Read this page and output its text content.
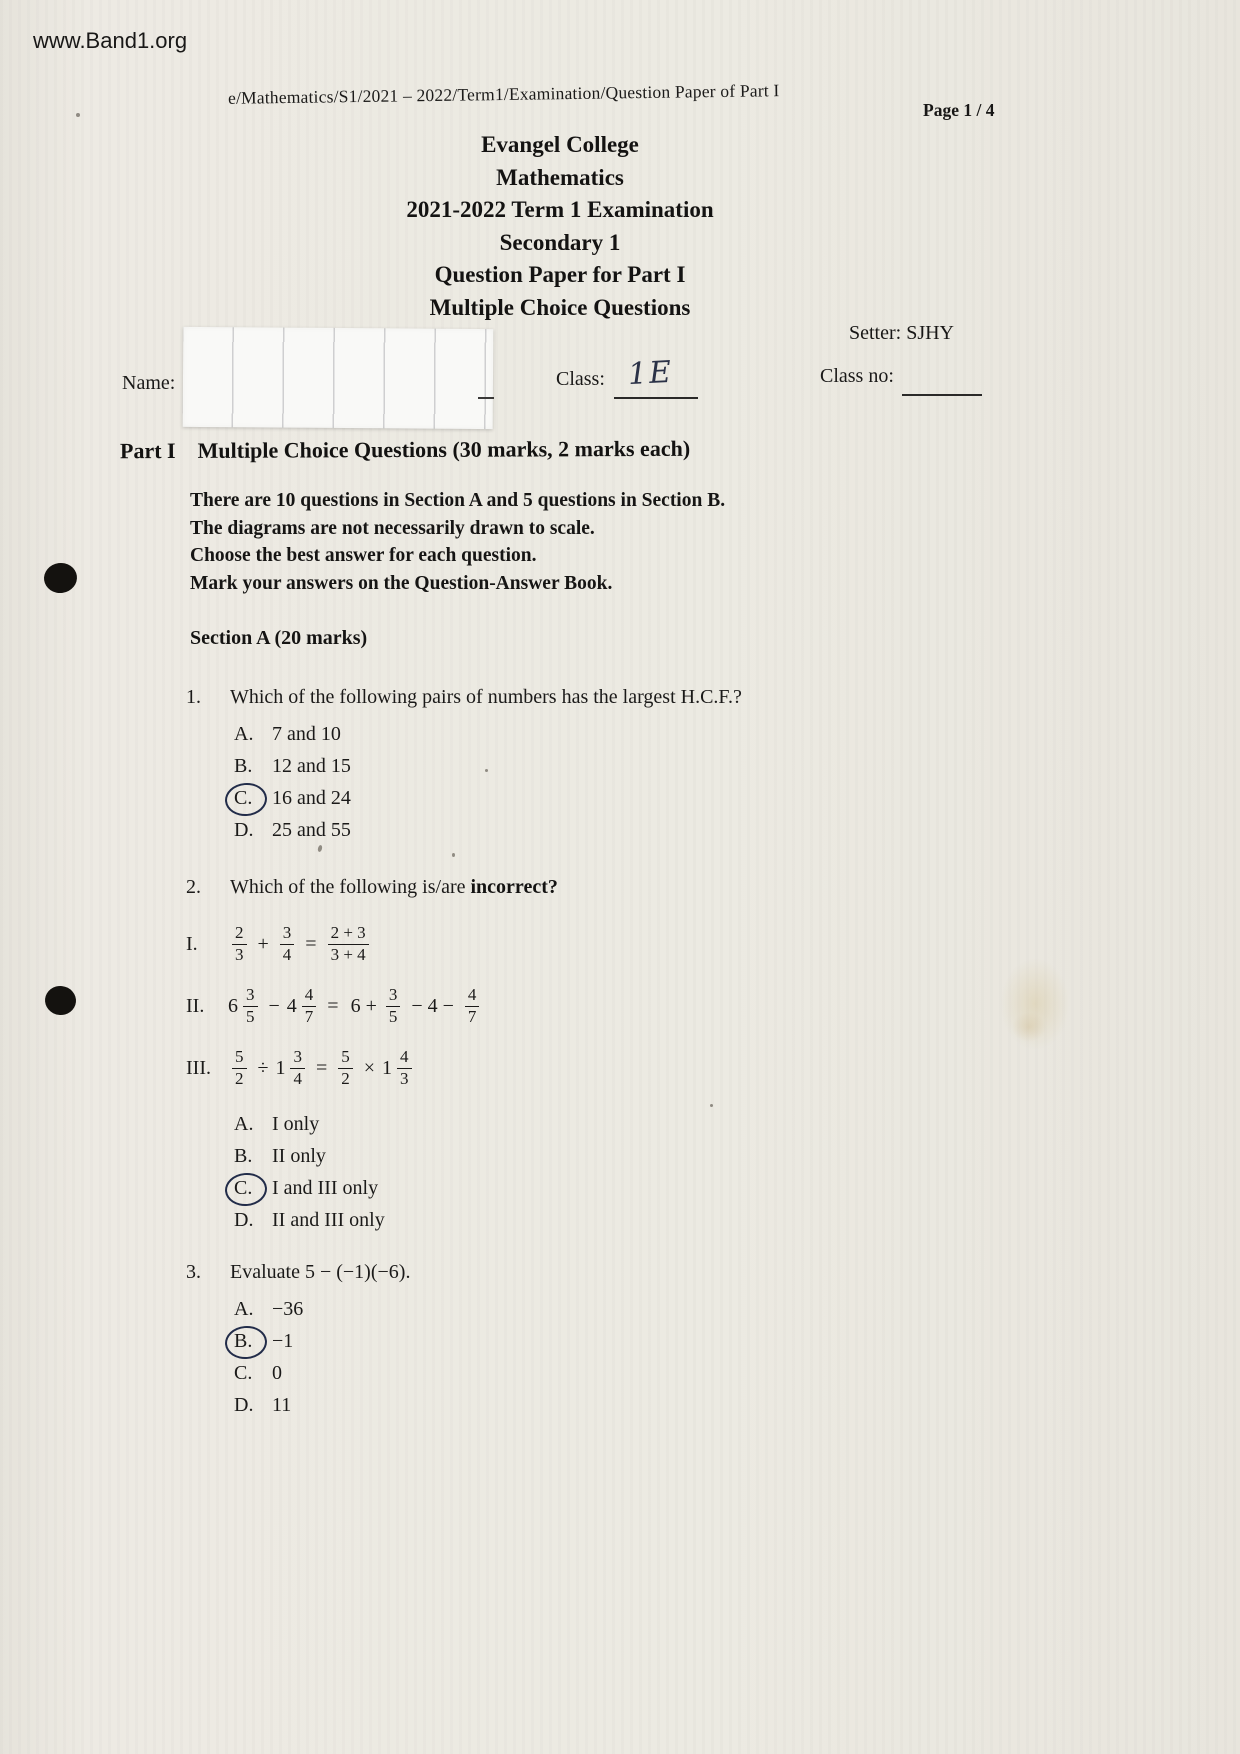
www.Band1.org
e/Mathematics/S1/2021 – 2022/Term1/Examination/Question Paper of Part I
Page 1 / 4
Evangel College
Mathematics
2021-2022 Term 1 Examination
Secondary 1
Question Paper for Part I
Multiple Choice Questions
Setter: SJHY
Name:	Class: 1E	Class no:
Part I Multiple Choice Questions (30 marks, 2 marks each)
There are 10 questions in Section A and 5 questions in Section B.
The diagrams are not necessarily drawn to scale.
Choose the best answer for each question.
Mark your answers on the Question-Answer Book.
Section A (20 marks)
1.	Which of the following pairs of numbers has the largest H.C.F.?
A. 7 and 10
B. 12 and 15
C. 16 and 24
D. 25 and 55
2.	Which of the following is/are incorrect?
I.	$\frac{2}{3} + \frac{3}{4} = \frac{2 + 3}{3 + 4}$
II.	$6 \frac{3}{5} - 4 \frac{4}{7} = 6 + \frac{3}{5} - 4 - \frac{4}{7}$
III.	$\frac{5}{2} \div 1 \frac{3}{4} = \frac{5}{2} \times 1 \frac{4}{3}$
A. I only
B. II only
C. I and III only
D. II and III only
3.	Evaluate 5 − (−1)(−6).
A. −36
B. −1
C. 0
D. 11
